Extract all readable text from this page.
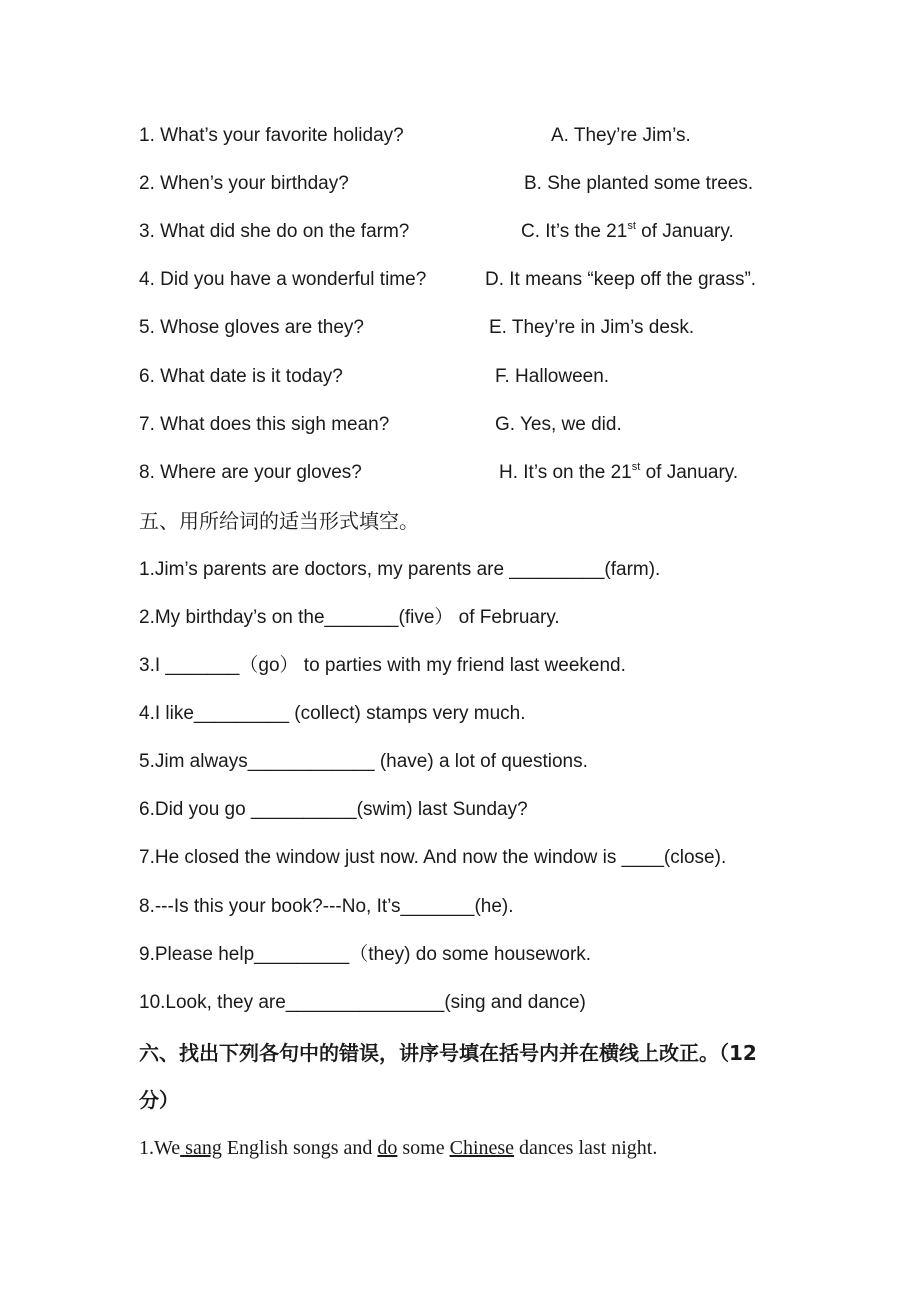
1. What’s your favorite holiday?
2. When’s your birthday?
3. What did she do on the farm?
4. Did you have a wonderful time?
5. Whose gloves are they?
6. What date is it today?
7. What does this sigh mean?
8. Where are your gloves?
A. They’re Jim’s.
B. She planted some trees.
C. It’s the 21st of January.
D. It means “keep off the grass”.
E. They’re in Jim’s desk.
F. Halloween.
G. Yes, we did.
H. It’s on the 21st of January.
五、用所给词的适当形式填空。
1.Jim’s parents are doctors, my parents are _________(farm).
2.My birthday’s on the_______(five） of February.
3.I _______（go） to parties with my friend last weekend.
4.I like_________ (collect) stamps very much.
5.Jim always____________ (have) a lot of questions.
6.Did you go __________(swim) last Sunday?
7.He closed the window just now. And now the window is ____(close).
8.---Is this your book?---No, It’s_______(he).
9.Please help_________（they) do some housework.
10.Look, they are_______________(sing and dance)
六、找出下列各句中的错误，讲序号填在括号内并在横线上改正。（12
分）
1.We sang English songs and do some Chinese dances last night.
